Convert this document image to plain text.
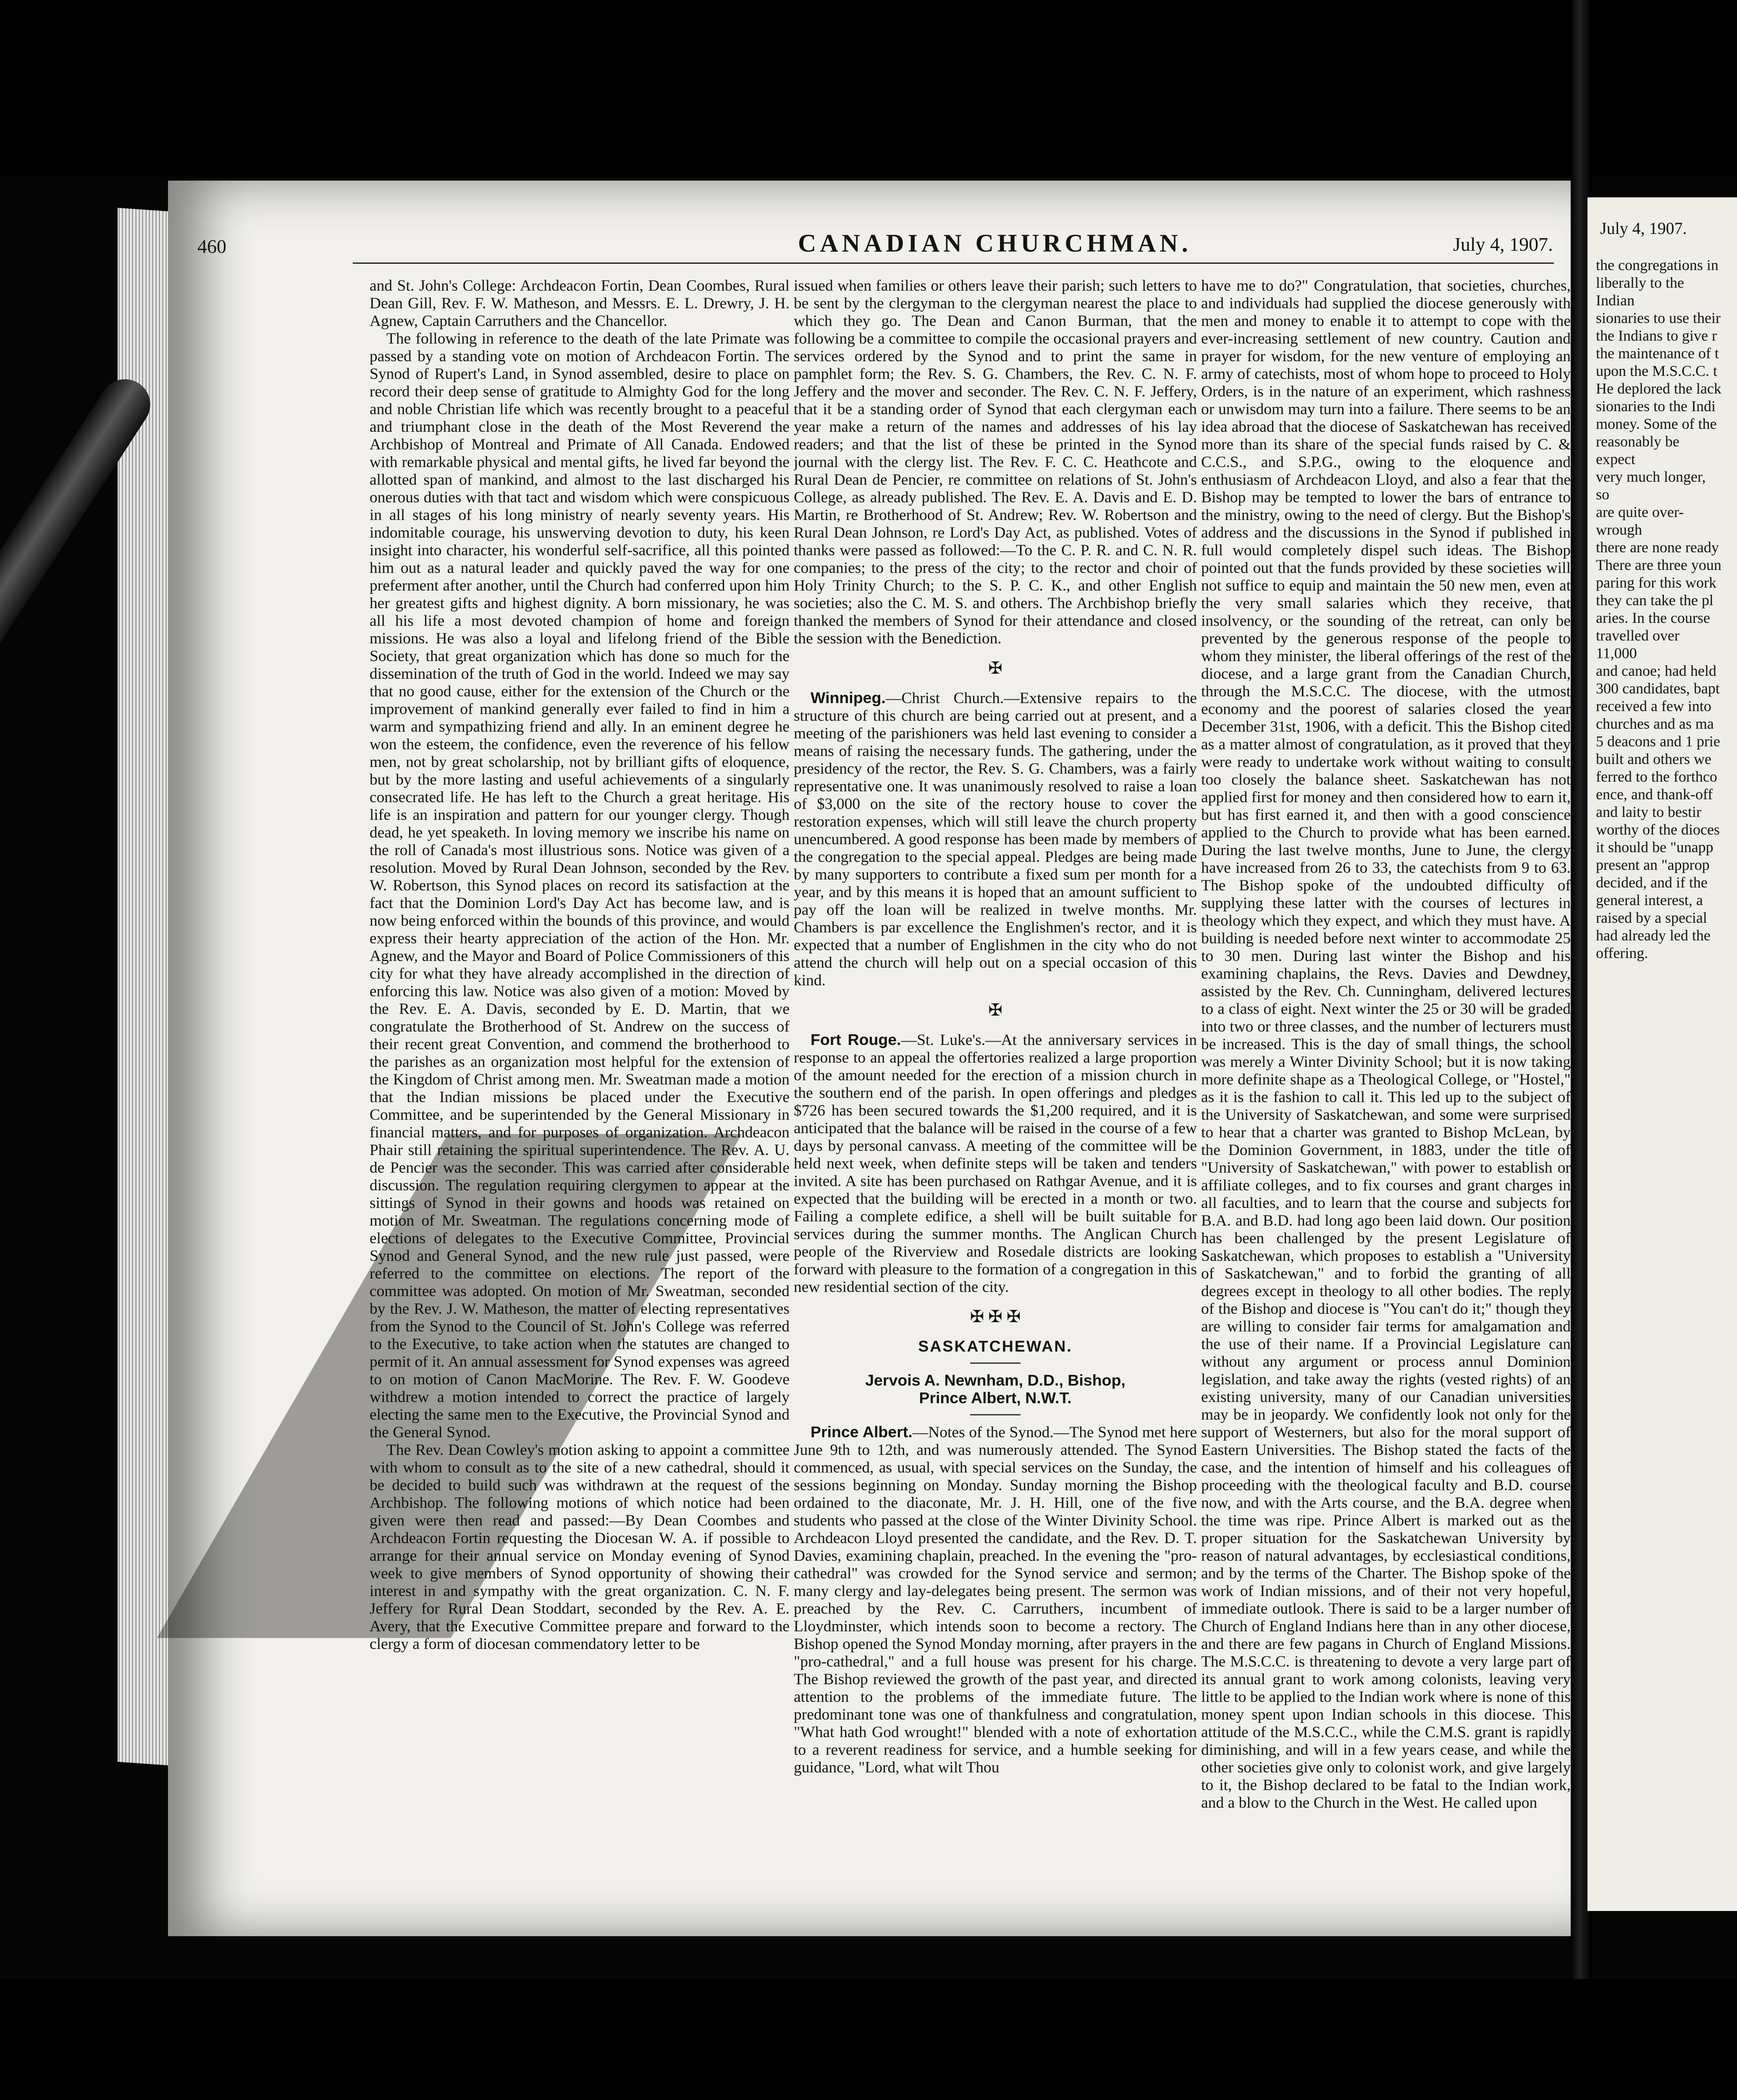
July 4, 1907.
the congregations in
liberally to the Indian
sionaries to use their
the Indians to give r
the maintenance of t
upon the M.S.C.C. t
He deplored the lack
sionaries to the Indi
money. Some of the
reasonably be expect
very much longer, so
are quite over-wrough
there are none ready
There are three youn
paring for this work
they can take the pl
aries. In the course
travelled over 11,000
and canoe; had held
300 candidates, bapt
received a few into
churches and as ma
5 deacons and 1 prie
built and others we
ferred to the forthco
ence, and thank-off
and laity to bestir
worthy of the dioces
it should be "unapp
present an "approp
decided, and if the
general interest, a
raised by a special
had already led the
offering.
460	CANADIAN CHURCHMAN.	July 4, 1907.

and St. John's College: Archdeacon Fortin, Dean Coombes, Rural Dean Gill, Rev. F. W. Matheson, and Messrs. E. L. Drewry, J. H. Agnew, Captain Carruthers and the Chancellor.

The following in reference to the death of the late Primate was passed by a standing vote on motion of Archdeacon Fortin. The Synod of Rupert's Land, in Synod assembled, desire to place on record their deep sense of gratitude to Almighty God for the long and noble Christian life which was recently brought to a peaceful and triumphant close in the death of the Most Reverend the Archbishop of Montreal and Primate of All Canada. Endowed with remarkable physical and mental gifts, he lived far beyond the allotted span of mankind, and almost to the last discharged his onerous duties with that tact and wisdom which were conspicuous in all stages of his long ministry of nearly seventy years. His indomitable courage, his unswerving devotion to duty, his keen insight into character, his wonderful self-sacrifice, all this pointed him out as a natural leader and quickly paved the way for one preferment after another, until the Church had conferred upon him her greatest gifts and highest dignity. A born missionary, he was all his life a most devoted champion of home and foreign missions. He was also a loyal and lifelong friend of the Bible Society, that great organization which has done so much for the dissemination of the truth of God in the world. Indeed we may say that no good cause, either for the extension of the Church or the improvement of mankind generally ever failed to find in him a warm and sympathizing friend and ally. In an eminent degree he won the esteem, the confidence, even the reverence of his fellow men, not by great scholarship, not by brilliant gifts of eloquence, but by the more lasting and useful achievements of a singularly consecrated life. He has left to the Church a great heritage. His life is an inspiration and pattern for our younger clergy. Though dead, he yet speaketh. In loving memory we inscribe his name on the roll of Canada's most illustrious sons. Notice was given of a resolution. Moved by Rural Dean Johnson, seconded by the Rev. W. Robertson, this Synod places on record its satisfaction at the fact that the Dominion Lord's Day Act has become law, and is now being enforced within the bounds of this province, and would express their hearty appreciation of the action of the Hon. Mr. Agnew, and the Mayor and Board of Police Commissioners of this city for what they have already accomplished in the direction of enforcing this law. Notice was also given of a motion: Moved by the Rev. E. A. Davis, seconded by E. D. Martin, that we congratulate the Brotherhood of St. Andrew on the success of their recent great Convention, and commend the brotherhood to the parishes as an organization most helpful for the extension of the Kingdom of Christ among men. Mr. Sweatman made a motion that the Indian missions be placed under the Executive Committee, and be superintended by the General Missionary in financial matters, and for purposes of organization. Archdeacon Phair still retaining the spiritual superintendence. The Rev. A. U. de Pencier was the seconder. This was carried after considerable discussion. The regulation requiring clergymen to appear at the sittings of Synod in their gowns and hoods was retained on motion of Mr. Sweatman. The regulations concerning mode of elections of delegates to the Executive Committee, Provincial Synod and General Synod, and the new rule just passed, were referred to the committee on elections. The report of the committee was adopted. On motion of Mr. Sweatman, seconded by the Rev. J. W. Matheson, the matter of electing representatives from the Synod to the Council of St. John's College was referred to the Executive, to take action when the statutes are changed to permit of it. An annual assessment for Synod expenses was agreed to on motion of Canon MacMorine. The Rev. F. W. Goodeve withdrew a motion intended to correct the practice of largely electing the same men to the Executive, the Provincial Synod and the General Synod.

The Rev. Dean Cowley's motion asking to appoint a committee with whom to consult as to the site of a new cathedral, should it be decided to build such was withdrawn at the request of the Archbishop. The following motions of which notice had been given were then read and passed:—By Dean Coombes and Archdeacon Fortin requesting the Diocesan W. A. if possible to arrange for their annual service on Monday evening of Synod week to give members of Synod opportunity of showing their interest in and sympathy with the great organization. C. N. F. Jeffery for Rural Dean Stoddart, seconded by the Rev. A. E. Avery, that the Executive Committee prepare and forward to the clergy a form of diocesan commendatory letter to be

issued when families or others leave their parish; such letters to be sent by the clergyman to the clergyman nearest the place to which they go. The Dean and Canon Burman, that the following be a committee to compile the occasional prayers and services ordered by the Synod and to print the same in pamphlet form; the Rev. S. G. Chambers, the Rev. C. N. F. Jeffery and the mover and seconder. The Rev. C. N. F. Jeffery, that it be a standing order of Synod that each clergyman each year make a return of the names and addresses of his lay readers; and that the list of these be printed in the Synod journal with the clergy list. The Rev. F. C. C. Heathcote and Rural Dean de Pencier, re committee on relations of St. John's College, as already published. The Rev. E. A. Davis and E. D. Martin, re Brotherhood of St. Andrew; Rev. W. Robertson and Rural Dean Johnson, re Lord's Day Act, as published. Votes of thanks were passed as followed:—To the C. P. R. and C. N. R. companies; to the press of the city; to the rector and choir of Holy Trinity Church; to the S. P. C. K., and other English societies; also the C. M. S. and others. The Archbishop briefly thanked the members of Synod for their attendance and closed the session with the Benediction.

✠

Winnipeg.—Christ Church.—Extensive repairs to the structure of this church are being carried out at present, and a meeting of the parishioners was held last evening to consider a means of raising the necessary funds. The gathering, under the presidency of the rector, the Rev. S. G. Chambers, was a fairly representative one. It was unanimously resolved to raise a loan of $3,000 on the site of the rectory house to cover the restoration expenses, which will still leave the church property unencumbered. A good response has been made by members of the congregation to the special appeal. Pledges are being made by many supporters to contribute a fixed sum per month for a year, and by this means it is hoped that an amount sufficient to pay off the loan will be realized in twelve months. Mr. Chambers is par excellence the Englishmen's rector, and it is expected that a number of Englishmen in the city who do not attend the church will help out on a special occasion of this kind.

✠

Fort Rouge.—St. Luke's.—At the anniversary services in response to an appeal the offertories realized a large proportion of the amount needed for the erection of a mission church in the southern end of the parish. In open offerings and pledges $726 has been secured towards the $1,200 required, and it is anticipated that the balance will be raised in the course of a few days by personal canvass. A meeting of the committee will be held next week, when definite steps will be taken and tenders invited. A site has been purchased on Rathgar Avenue, and it is expected that the building will be erected in a month or two. Failing a complete edifice, a shell will be built suitable for services during the summer months. The Anglican Church people of the Riverview and Rosedale districts are looking forward with pleasure to the formation of a congregation in this new residential section of the city.

✠ ✠ ✠
SASKATCHEWAN.
Jervois A. Newnham, D.D., Bishop,
Prince Albert, N.W.T.

Prince Albert.—Notes of the Synod.—The Synod met here June 9th to 12th, and was numerously attended. The Synod commenced, as usual, with special services on the Sunday, the sessions beginning on Monday. Sunday morning the Bishop ordained to the diaconate, Mr. J. H. Hill, one of the five students who passed at the close of the Winter Divinity School. Archdeacon Lloyd presented the candidate, and the Rev. D. T. Davies, examining chaplain, preached. In the evening the "pro-cathedral" was crowded for the Synod service and sermon; many clergy and lay-delegates being present. The sermon was preached by the Rev. C. Carruthers, incumbent of Lloydminster, which intends soon to become a rectory. The Bishop opened the Synod Monday morning, after prayers in the "pro-cathedral," and a full house was present for his charge. The Bishop reviewed the growth of the past year, and directed attention to the problems of the immediate future. The predominant tone was one of thankfulness and congratulation, "What hath God wrought!" blended with a note of exhortation to a reverent readiness for service, and a humble seeking for guidance, "Lord, what wilt Thou

have me to do?" Congratulation, that societies, churches, and individuals had supplied the diocese generously with men and money to enable it to attempt to cope with the ever-increasing settlement of new country. Caution and prayer for wisdom, for the new venture of employing an army of catechists, most of whom hope to proceed to Holy Orders, is in the nature of an experiment, which rashness or unwisdom may turn into a failure. There seems to be an idea abroad that the diocese of Saskatchewan has received more than its share of the special funds raised by C. & C.C.S., and S.P.G., owing to the eloquence and enthusiasm of Archdeacon Lloyd, and also a fear that the Bishop may be tempted to lower the bars of entrance to the ministry, owing to the need of clergy. But the Bishop's address and the discussions in the Synod if published in full would completely dispel such ideas. The Bishop pointed out that the funds provided by these societies will not suffice to equip and maintain the 50 new men, even at the very small salaries which they receive, that insolvency, or the sounding of the retreat, can only be prevented by the generous response of the people to whom they minister, the liberal offerings of the rest of the diocese, and a large grant from the Canadian Church, through the M.S.C.C. The diocese, with the utmost economy and the poorest of salaries closed the year December 31st, 1906, with a deficit. This the Bishop cited as a matter almost of congratulation, as it proved that they were ready to undertake work without waiting to consult too closely the balance sheet. Saskatchewan has not applied first for money and then considered how to earn it, but has first earned it, and then with a good conscience applied to the Church to provide what has been earned. During the last twelve months, June to June, the clergy have increased from 26 to 33, the catechists from 9 to 63. The Bishop spoke of the undoubted difficulty of supplying these latter with the courses of lectures in theology which they expect, and which they must have. A building is needed before next winter to accommodate 25 to 30 men. During last winter the Bishop and his examining chaplains, the Revs. Davies and Dewdney, assisted by the Rev. Ch. Cunningham, delivered lectures to a class of eight. Next winter the 25 or 30 will be graded into two or three classes, and the number of lecturers must be increased. This is the day of small things, the school was merely a Winter Divinity School; but it is now taking more definite shape as a Theological College, or "Hostel," as it is the fashion to call it. This led up to the subject of the University of Saskatchewan, and some were surprised to hear that a charter was granted to Bishop McLean, by the Dominion Government, in 1883, under the title of "University of Saskatchewan," with power to establish or affiliate colleges, and to fix courses and grant charges in all faculties, and to learn that the course and subjects for B.A. and B.D. had long ago been laid down. Our position has been challenged by the present Legislature of Saskatchewan, which proposes to establish a "University of Saskatchewan," and to forbid the granting of all degrees except in theology to all other bodies. The reply of the Bishop and diocese is "You can't do it;" though they are willing to consider fair terms for amalgamation and the use of their name. If a Provincial Legislature can without any argument or process annul Dominion legislation, and take away the rights (vested rights) of an existing university, many of our Canadian universities may be in jeopardy. We confidently look not only for the support of Westerners, but also for the moral support of Eastern Universities. The Bishop stated the facts of the case, and the intention of himself and his colleagues of proceeding with the theological faculty and B.D. course now, and with the Arts course, and the B.A. degree when the time was ripe. Prince Albert is marked out as the proper situation for the Saskatchewan University by reason of natural advantages, by ecclesiastical conditions, and by the terms of the Charter. The Bishop spoke of the work of Indian missions, and of their not very hopeful, immediate outlook. There is said to be a larger number of Church of England Indians here than in any other diocese, and there are few pagans in Church of England Missions. The M.S.C.C. is threatening to devote a very large part of its annual grant to work among colonists, leaving very little to be applied to the Indian work where is none of this money spent upon Indian schools in this diocese. This attitude of the M.S.C.C., while the C.M.S. grant is rapidly diminishing, and will in a few years cease, and while the other societies give only to colonist work, and give largely to it, the Bishop declared to be fatal to the Indian work, and a blow to the Church in the West. He called upon
